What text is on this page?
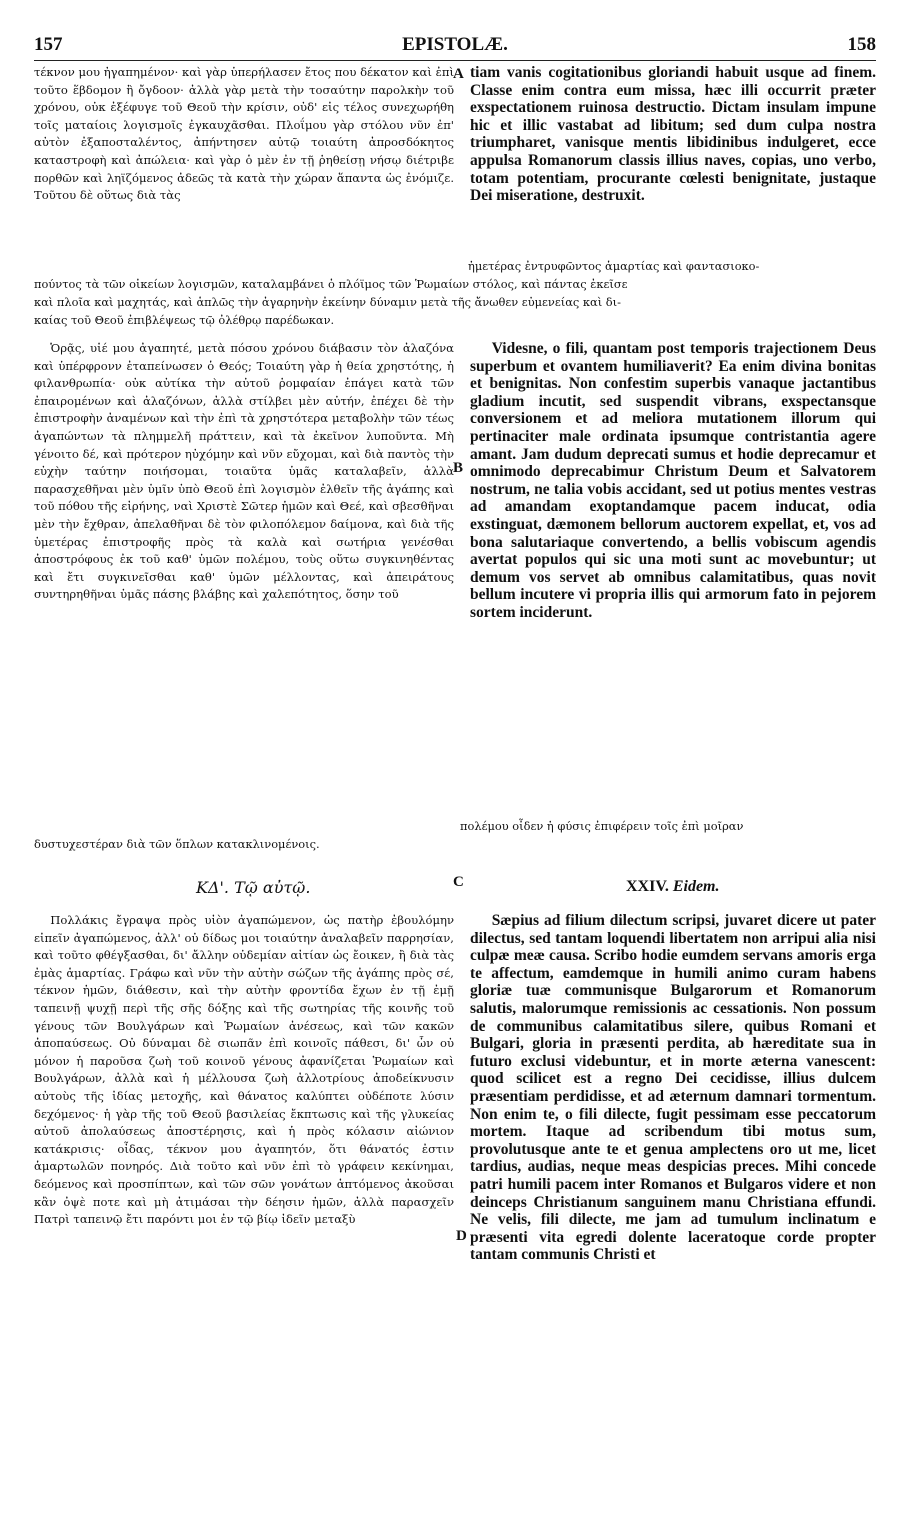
157	EPISTOLÆ.	158

τέκνον μου ἠγαπημένον· καὶ γὰρ ὑπερήλασεν ἔτος που δέκατον καὶ ἐπὶ τοῦτο ἕβδομον ἢ ὄγδοον· ἀλλὰ γὰρ μετὰ τὴν τοσαύτην παρολκὴν τοῦ χρόνου, οὐκ ἐξέφυγε τοῦ Θεοῦ τὴν κρίσιν, οὐδ' εἰς τέλος συνεχωρήθη τοῖς ματαίοις λογισμοῖς ἐγκαυχᾶσθαι. Πλοΐμου γὰρ στόλου νῦν ἐπ' αὐτὸν ἐξαποσταλέντος, ἀπήντησεν αὐτῷ τοιαύτη ἀπροσδόκητος καταστροφὴ καὶ ἀπώλεια· καὶ γὰρ ὁ μὲν ἐν τῇ ῥηθείσῃ νήσῳ διέτριβε πορθῶν καὶ ληϊζόμενος ἀδεῶς τὰ κατὰ τὴν χώραν ἅπαντα ὡς ἐνόμιζε. Τοῦτου δὲ οὕτως διὰ τὰς

A tiam vanis cogitationibus gloriandi habuit usque ad finem. Classe enim contra eum missa, hæc illi occurrit præter exspectationem ruinosa destructio. Dictam insulam impune hic et illic vastabat ad libitum; sed dum culpa nostra triumpharet, vanisque mentis libidinibus indulgeret, ecce appulsa Romanorum classis illius naves, copias, uno verbo, totam potentiam, procurante cœlesti benignitate, justaque Dei miseratione, destruxit.

ἡμετέρας ἐντρυφῶντος ἁμαρτίας καὶ φαντασιοκο-
πούντος τὰ τῶν οἰκείων λογισμῶν, καταλαμβάνει ὁ πλόϊμος τῶν Ῥωμαίων στόλος, καὶ πάντας ἐκεῖσε
καὶ πλοῖα καὶ μαχητάς, καὶ ἁπλῶς τὴν ἀγαρηνὴν ἐκείνην δύναμιν μετὰ τῆς ἄνωθεν εὐμενείας καὶ δι-
καίας τοῦ Θεοῦ ἐπιβλέψεως τῷ ὀλέθρῳ παρέδωκαν.

Ὁρᾷς, υἱέ μου ἀγαπητέ, μετὰ πόσου χρόνου διάβασιν τὸν ἀλαζόνα καὶ ὑπέρφρονν ἐταπείνωσεν ὁ Θεός; Τοιαύτη γὰρ ἡ θεία χρηστότης, ἡ φιλανθρωπία· οὐκ αὐτίκα τὴν αὐτοῦ ῥομφαίαν ἐπάγει κατὰ τῶν ἐπαιρομένων καὶ ἀλαζόνων, ἀλλὰ στίλβει μὲν αὐτήν, ἐπέχει δὲ τὴν ἐπιστροφὴν ἀναμένων καὶ τὴν ἐπὶ τὰ χρηστότερα μεταβολὴν τῶν τέως ἀγαπώντων τὰ πλημμελῆ πράττειν, καὶ τὰ ἐκεῖνον λυποῦντα. Μὴ γένοιτο δέ, καὶ πρότερον ηὐχόμην καὶ νῦν εὔχομαι, καὶ διὰ παντὸς τὴν εὐχὴν ταύτην ποιήσομαι, τοιαῦτα ὑμᾶς καταλαβεῖν, ἀλλὰ παρασχεθῆναι μὲν ὑμῖν ὑπὸ Θεοῦ ἐπὶ λογισμὸν ἐλθεῖν τῆς ἀγάπης καὶ τοῦ πόθου τῆς εἰρήνης, ναὶ Χριστὲ Σῶτερ ἡμῶν καὶ Θεέ, καὶ σβεσθῆναι μὲν τὴν ἔχθραν, ἀπελαθῆναι δὲ τὸν φιλοπόλεμον δαίμονα, καὶ διὰ τῆς ὑμετέρας ἐπιστροφῆς πρὸς τὰ καλὰ καὶ σωτήρια γενέσθαι ἀποστρόφους ἐκ τοῦ καθ' ὑμῶν πολέμου, τοὺς οὕτω συγκινηθέντας καὶ ἔτι συγκινεῖσθαι καθ' ὑμῶν μέλλοντας, καὶ ἀπειράτους συντηρηθῆναι ὑμᾶς πάσης βλάβης καὶ χαλεπότητος, ὅσην τοῦ

B

Videsne, o fili, quantam post temporis trajectionem Deus superbum et ovantem humiliaverit? Ea enim divina bonitas et benignitas. Non confestim superbis vanaque jactantibus gladium incutit, sed suspendit vibrans, exspectansque conversionem et ad meliora mutationem illorum qui pertinaciter male ordinata ipsumque contristantia agere amant. Jam dudum deprecati sumus et hodie deprecamur et omnimodo deprecabimur Christum Deum et Salvatorem nostrum, ne talia vobis accidant, sed ut potius mentes vestras ad amandam exoptandamque pacem inducat, odia exstinguat, dæmonem bellorum auctorem expellat, et, vos ad bona salutariaque convertendo, a bellis vobiscum agendis avertat populos qui sic una moti sunt ac movebuntur; ut demum vos servet ab omnibus calamitatibus, quas novit bellum incutere vi propria illis qui armorum fato in pejorem sortem inciderunt.

πολέμου οἶδεν ἡ φύσις ἐπιφέρειν τοῖς ἐπὶ μοῖραν
δυστυχεστέραν διὰ τῶν ὅπλων κατακλινομένοις.
ΚΔ'. Τῷ αὐτῷ.	C	XXIV. Eidem.

Πολλάκις ἔγραψα πρὸς υἱὸν ἀγαπώμενον, ὡς πατὴρ ἐβουλόμην εἰπεῖν ἀγαπώμενος, ἀλλ' οὐ δίδως μοι τοιαύτην ἀναλαβεῖν παρρησίαν, καὶ τοῦτο φθέγξασθαι, δι' ἄλλην οὐδεμίαν αἰτίαν ὡς ἔοικεν, ἢ διὰ τὰς ἐμὰς ἁμαρτίας. Γράφω καὶ νῦν τὴν αὐτὴν σώζων τῆς ἀγάπης πρὸς σέ, τέκνον ἡμῶν, διάθεσιν, καὶ τὴν αὐτὴν φροντίδα ἔχων ἐν τῇ ἐμῇ ταπεινῇ ψυχῇ περὶ τῆς σῆς δόξης καὶ τῆς σωτηρίας τῆς κοινῆς τοῦ γένους τῶν Βουλγάρων καὶ Ῥωμαίων ἀνέσεως, καὶ τῶν κακῶν ἀποπαύσεως. Οὐ δύναμαι δὲ σιωπᾶν ἐπὶ κοινοῖς πάθεσι, δι' ὧν οὐ μόνον ἡ παροῦσα ζωὴ τοῦ κοινοῦ γένους ἀφανίζεται Ῥωμαίων καὶ Βουλγάρων, ἀλλὰ καὶ ἡ μέλλουσα ζωὴ ἀλλοτρίους ἀποδείκνυσιν αὐτοὺς τῆς ἰδίας μετοχῆς, καὶ θάνατος καλύπτει οὐδέποτε λύσιν δεχόμενος· ἡ γὰρ τῆς τοῦ Θεοῦ βασιλείας ἔκπτωσις καὶ τῆς γλυκείας αὐτοῦ ἀπολαύσεως ἀποστέρησις, καὶ ἡ πρὸς κόλασιν αἰώνιον κατάκρισις· οἶδας, τέκνον μου ἀγαπητόν, ὅτι θάνατός ἐστιν ἁμαρτωλῶν πονηρός. Διὰ τοῦτο καὶ νῦν ἐπὶ τὸ γράφειν κεκίνημαι, δεόμενος καὶ προσπίπτων, καὶ τῶν σῶν γονάτων ἁπτόμενος ἀκοῦσαι κἂν ὀψὲ ποτε καὶ μὴ ἀτιμάσαι τὴν δέησιν ἡμῶν, ἀλλὰ παρασχεῖν Πατρὶ ταπεινῷ ἔτι παρόντι μοι ἐν τῷ βίῳ ἰδεῖν μεταξὺ

D

Sæpius ad filium dilectum scripsi, juvaret dicere ut pater dilectus, sed tantam loquendi libertatem non arripui alia nisi culpæ meæ causa. Scribo hodie eumdem servans amoris erga te affectum, eamdemque in humili animo curam habens gloriæ tuæ communisque Bulgarorum et Romanorum salutis, malorumque remissionis ac cessationis. Non possum de communibus calamitatibus silere, quibus Romani et Bulgari, gloria in præsenti perdita, ab hæreditate sua in futuro exclusi videbuntur, et in morte æterna vanescent: quod scilicet est a regno Dei cecidisse, illius dulcem præsentiam perdidisse, et ad æternum damnari tormentum. Non enim te, o fili dilecte, fugit pessimam esse peccatorum mortem. Itaque ad scribendum tibi motus sum, provolutusque ante te et genua amplectens oro ut me, licet tardius, audias, neque meas despicias preces. Mihi concede patri humili pacem inter Romanos et Bulgaros videre et non deinceps Christianum sanguinem manu Christiana effundi. Ne velis, fili dilecte, me jam ad tumulum inclinatum e præsenti vita egredi dolente laceratoque corde propter tantam communis Christi et
